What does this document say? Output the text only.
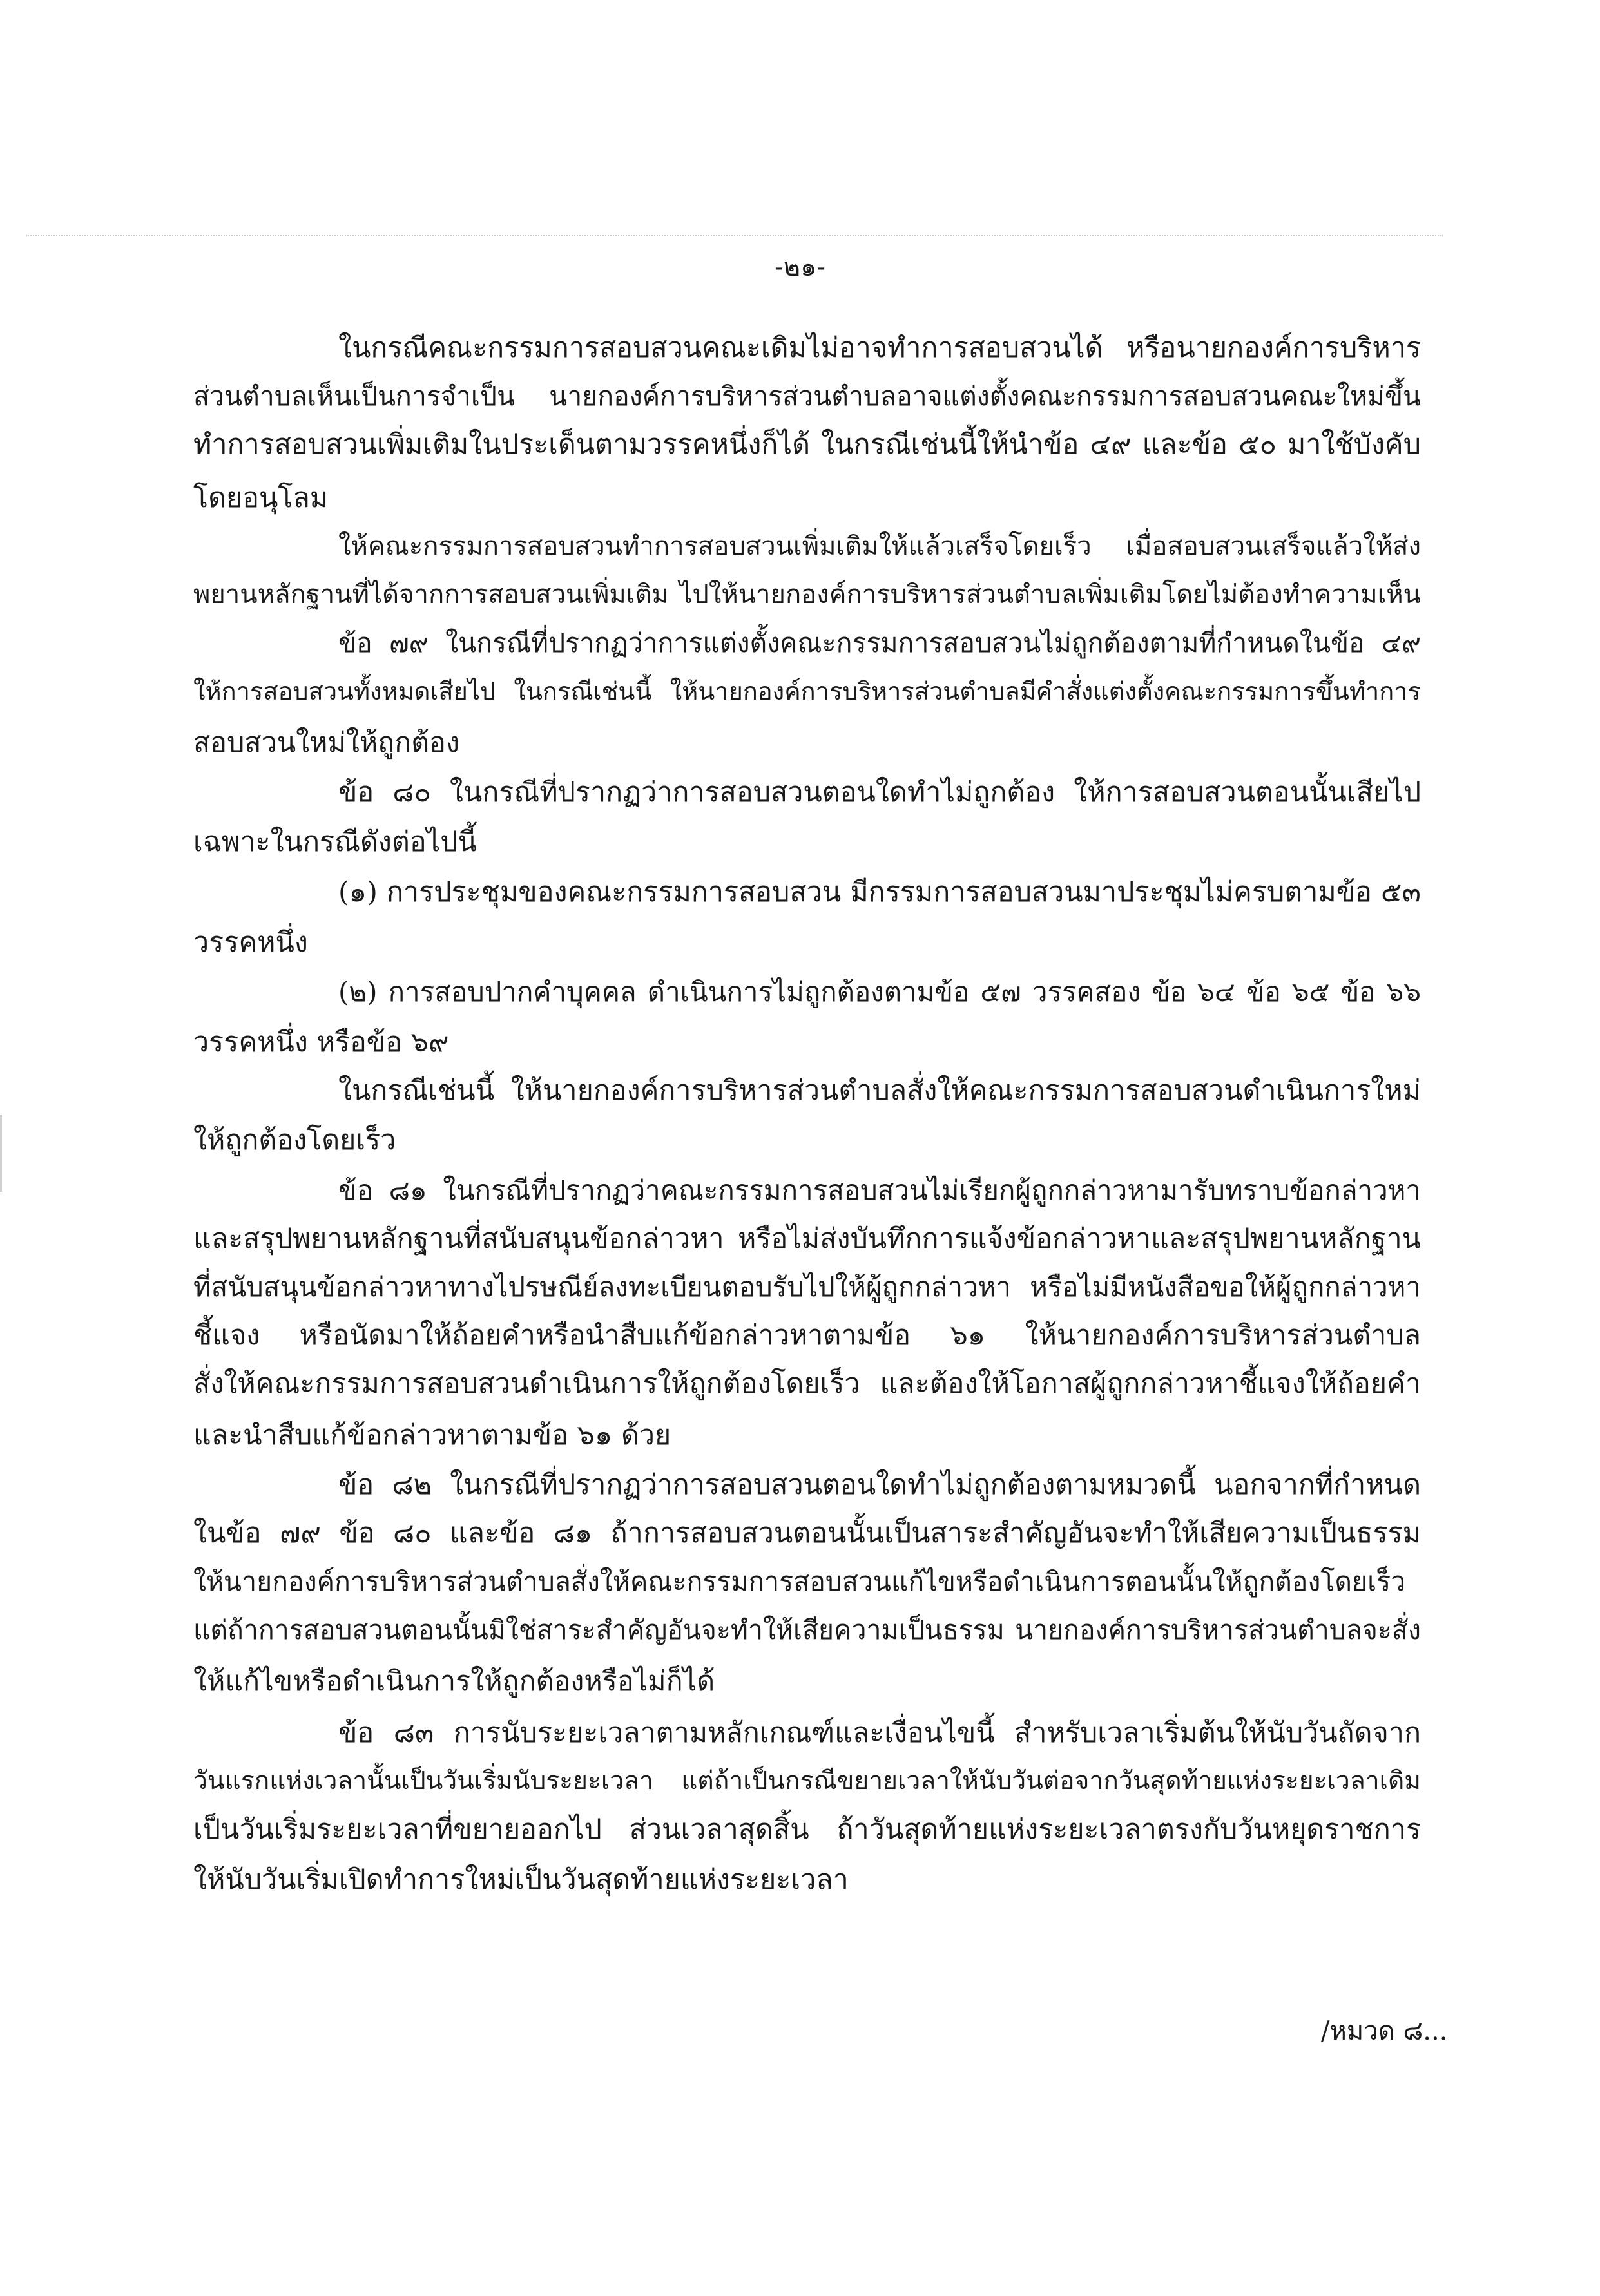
-๒๑-

ในกรณีคณะกรรมการสอบสวนคณะเดิมไม่อาจทำการสอบสวนได้ หรือนายกองค์การบริหาร

ส่วนตำบลเห็นเป็นการจำเป็น นายกองค์การบริหารส่วนตำบลอาจแต่งตั้งคณะกรรมการสอบสวนคณะใหม่ขึ้น

ทำการสอบสวนเพิ่มเติมในประเด็นตามวรรคหนึ่งก็ได้ ในกรณีเช่นนี้ให้นำข้อ ๔๙ และข้อ ๕๐ มาใช้บังคับ

โดยอนุโลม

ให้คณะกรรมการสอบสวนทำการสอบสวนเพิ่มเติมให้แล้วเสร็จโดยเร็ว เมื่อสอบสวนเสร็จแล้วให้ส่ง

พยานหลักฐานที่ได้จากการสอบสวนเพิ่มเติม ไปให้นายกองค์การบริหารส่วนตำบลเพิ่มเติมโดยไม่ต้องทำความเห็น

ข้อ ๗๙ ในกรณีที่ปรากฏว่าการแต่งตั้งคณะกรรมการสอบสวนไม่ถูกต้องตามที่กำหนดในข้อ ๔๙

ให้การสอบสวนทั้งหมดเสียไป ในกรณีเช่นนี้ ให้นายกองค์การบริหารส่วนตำบลมีคำสั่งแต่งตั้งคณะกรรมการขึ้นทำการ

สอบสวนใหม่ให้ถูกต้อง

ข้อ ๘๐ ในกรณีที่ปรากฏว่าการสอบสวนตอนใดทำไม่ถูกต้อง ให้การสอบสวนตอนนั้นเสียไป

เฉพาะในกรณีดังต่อไปนี้

(๑) การประชุมของคณะกรรมการสอบสวน มีกรรมการสอบสวนมาประชุมไม่ครบตามข้อ ๕๓

วรรคหนึ่ง

(๒) การสอบปากคำบุคคล ดำเนินการไม่ถูกต้องตามข้อ ๕๗ วรรคสอง ข้อ ๖๔ ข้อ ๖๕ ข้อ ๖๖

วรรคหนึ่ง หรือข้อ ๖๙

ในกรณีเช่นนี้ ให้นายกองค์การบริหารส่วนตำบลสั่งให้คณะกรรมการสอบสวนดำเนินการใหม่

ให้ถูกต้องโดยเร็ว

ข้อ ๘๑ ในกรณีที่ปรากฏว่าคณะกรรมการสอบสวนไม่เรียกผู้ถูกกล่าวหามารับทราบข้อกล่าวหา

และสรุปพยานหลักฐานที่สนับสนุนข้อกล่าวหา หรือไม่ส่งบันทึกการแจ้งข้อกล่าวหาและสรุปพยานหลักฐาน

ที่สนับสนุนข้อกล่าวหาทางไปรษณีย์ลงทะเบียนตอบรับไปให้ผู้ถูกกล่าวหา หรือไม่มีหนังสือขอให้ผู้ถูกกล่าวหา

ชี้แจง หรือนัดมาให้ถ้อยคำหรือนำสืบแก้ข้อกล่าวหาตามข้อ ๖๑ ให้นายกองค์การบริหารส่วนตำบล

สั่งให้คณะกรรมการสอบสวนดำเนินการให้ถูกต้องโดยเร็ว และต้องให้โอกาสผู้ถูกกล่าวหาชี้แจงให้ถ้อยคำ

และนำสืบแก้ข้อกล่าวหาตามข้อ ๖๑ ด้วย

ข้อ ๘๒ ในกรณีที่ปรากฏว่าการสอบสวนตอนใดทำไม่ถูกต้องตามหมวดนี้ นอกจากที่กำหนด

ในข้อ ๗๙ ข้อ ๘๐ และข้อ ๘๑ ถ้าการสอบสวนตอนนั้นเป็นสาระสำคัญอันจะทำให้เสียความเป็นธรรม

ให้นายกองค์การบริหารส่วนตำบลสั่งให้คณะกรรมการสอบสวนแก้ไขหรือดำเนินการตอนนั้นให้ถูกต้องโดยเร็ว

แต่ถ้าการสอบสวนตอนนั้นมิใช่สาระสำคัญอันจะทำให้เสียความเป็นธรรม นายกองค์การบริหารส่วนตำบลจะสั่ง

ให้แก้ไขหรือดำเนินการให้ถูกต้องหรือไม่ก็ได้

ข้อ ๘๓ การนับระยะเวลาตามหลักเกณฑ์และเงื่อนไขนี้ สำหรับเวลาเริ่มต้นให้นับวันถัดจาก

วันแรกแห่งเวลานั้นเป็นวันเริ่มนับระยะเวลา แต่ถ้าเป็นกรณีขยายเวลาให้นับวันต่อจากวันสุดท้ายแห่งระยะเวลาเดิม

เป็นวันเริ่มระยะเวลาที่ขยายออกไป ส่วนเวลาสุดสิ้น ถ้าวันสุดท้ายแห่งระยะเวลาตรงกับวันหยุดราชการ

ให้นับวันเริ่มเปิดทำการใหม่เป็นวันสุดท้ายแห่งระยะเวลา

/หมวด ๘...
